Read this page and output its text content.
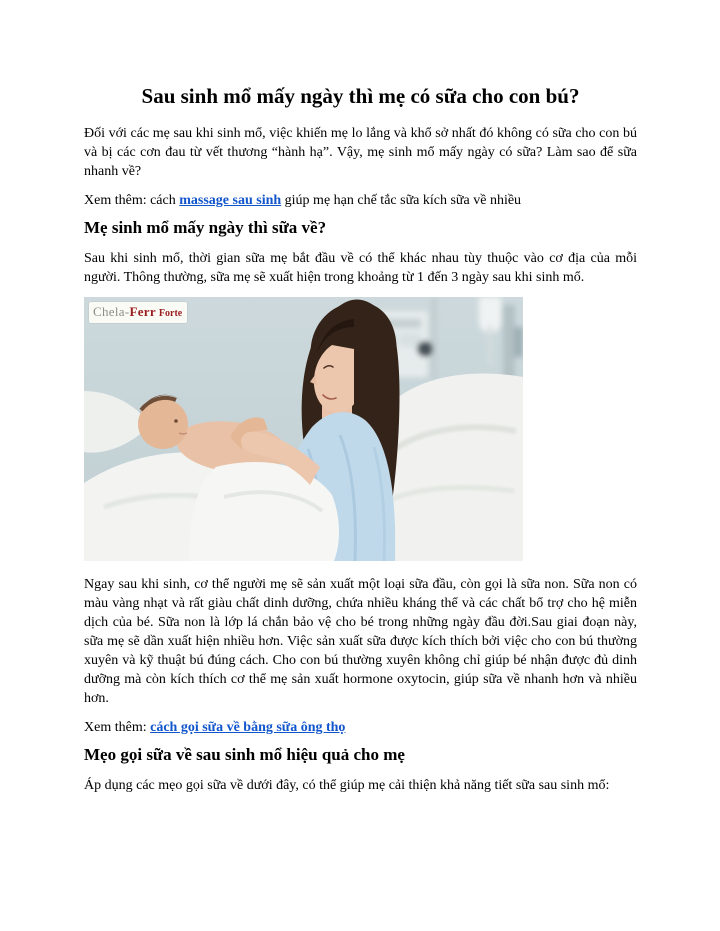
Sau sinh mổ mấy ngày thì mẹ có sữa cho con bú?

Đối với các mẹ sau khi sinh mổ, việc khiến mẹ lo lắng và khổ sở nhất đó không có sữa cho con bú và bị các cơn đau từ vết thương “hành hạ”. Vậy, mẹ sinh mổ mấy ngày có sữa? Làm sao để sữa nhanh về?

Xem thêm: cách massage sau sinh giúp mẹ hạn chế tắc sữa kích sữa về nhiều

Mẹ sinh mổ mấy ngày thì sữa về?

Sau khi sinh mổ, thời gian sữa mẹ bắt đầu về có thể khác nhau tùy thuộc vào cơ địa của mỗi người. Thông thường, sữa mẹ sẽ xuất hiện trong khoảng từ 1 đến 3 ngày sau khi sinh mổ.

Chela-Ferr Forte

Ngay sau khi sinh, cơ thể người mẹ sẽ sản xuất một loại sữa đầu, còn gọi là sữa non. Sữa non có màu vàng nhạt và rất giàu chất dinh dưỡng, chứa nhiều kháng thể và các chất bổ trợ cho hệ miễn dịch của bé. Sữa non là lớp lá chắn bảo vệ cho bé trong những ngày đầu đời.Sau giai đoạn này, sữa mẹ sẽ dần xuất hiện nhiều hơn. Việc sản xuất sữa được kích thích bởi việc cho con bú thường xuyên và kỹ thuật bú đúng cách. Cho con bú thường xuyên không chỉ giúp bé nhận được đủ dinh dưỡng mà còn kích thích cơ thể mẹ sản xuất hormone oxytocin, giúp sữa về nhanh hơn và nhiều hơn.

Xem thêm: cách gọi sữa về bằng sữa ông thọ

Mẹo gọi sữa về sau sinh mổ hiệu quả cho mẹ

Áp dụng các mẹo gọi sữa về dưới đây, có thể giúp mẹ cải thiện khả năng tiết sữa sau sinh mổ:
